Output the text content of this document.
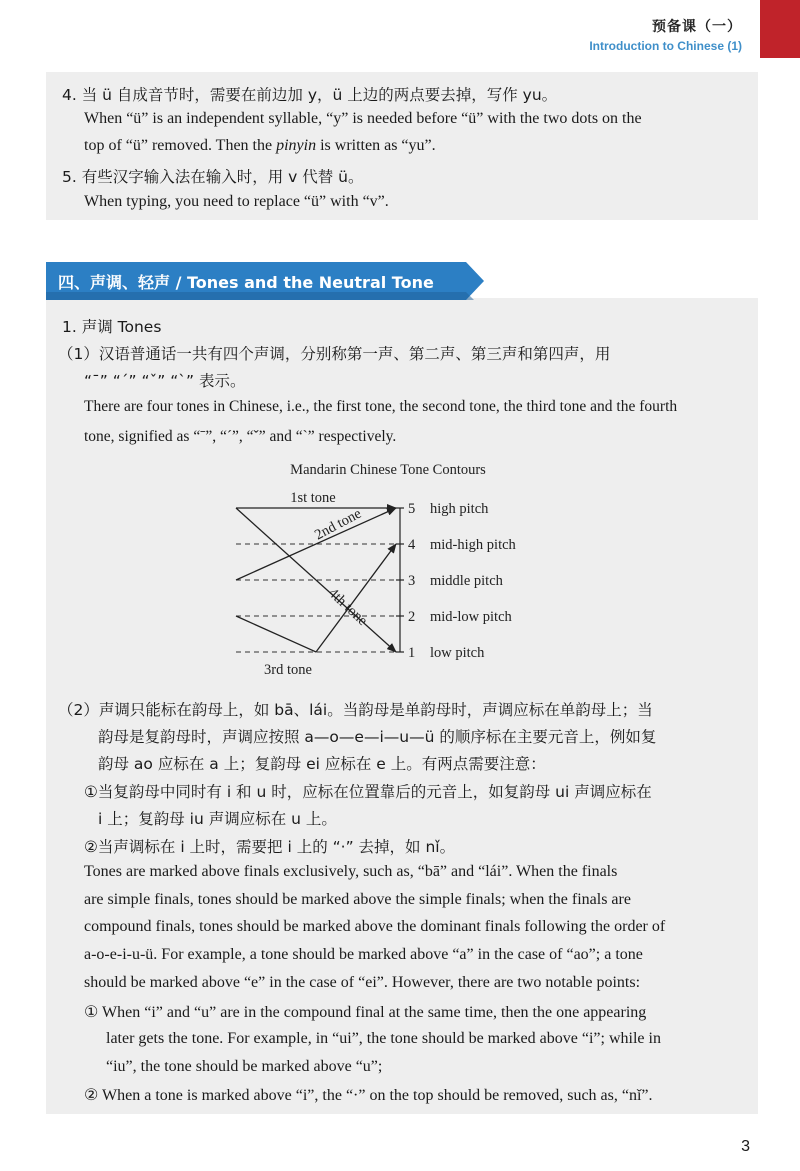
预备课（一）
Introduction to Chinese (1)
4. 当 ü 自成音节时，需要在前边加 y，ü 上边的两点要去掉，写作 yu。
When “ü” is an independent syllable, “y” is needed before “ü” with the two dots on the
top of “ü” removed. Then the pinyin is written as “yu”.
5. 有些汉字输入法在输入时，用 v 代替 ü。
When typing, you need to replace “ü” with “v”.
四、声调、轻声 / Tones and the Neutral Tone
1. 声调 Tones
（1）汉语普通话一共有四个声调，分别称第一声、第二声、第三声和第四声，用
“ˉ” “ˊ” “ˇ” “ˋ” 表示。
There are four tones in Chinese, i.e., the first tone, the second tone, the third tone and the fourth
tone, signified as “ˉ”, “ˊ”, “ˇ” and “ˋ” respectively.
Mandarin Chinese Tone Contours
1 low pitch
2 mid-low pitch
3 middle pitch
4 mid-high pitch
5 high pitch
1st tone
2nd tone
3rd tone
4th tone
（2）声调只能标在韵母上，如 bā、lái。当韵母是单韵母时，声调应标在单韵母上；当
韵母是复韵母时，声调应按照 a—o—e—i—u—ü 的顺序标在主要元音上，例如复
韵母 ao 应标在 a 上；复韵母 ei 应标在 e 上。有两点需要注意：
①当复韵母中同时有 i 和 u 时，应标在位置靠后的元音上，如复韵母 ui 声调应标在
i 上；复韵母 iu 声调应标在 u 上。
②当声调标在 i 上时，需要把 i 上的 “·” 去掉，如 nǐ。
Tones are marked above finals exclusively, such as, “bā” and “lái”. When the finals
are simple finals, tones should be marked above the simple finals; when the finals are
compound finals, tones should be marked above the dominant finals following the order of
a-o-e-i-u-ü. For example, a tone should be marked above “a” in the case of “ao”; a tone
should be marked above “e” in the case of “ei”. However, there are two notable points:
① When “i” and “u” are in the compound final at the same time, then the one appearing
later gets the tone. For example, in “ui”, the tone should be marked above “i”; while in
“iu”, the tone should be marked above “u”;
② When a tone is marked above “i”, the “·” on the top should be removed, such as, “nǐ”.
3
